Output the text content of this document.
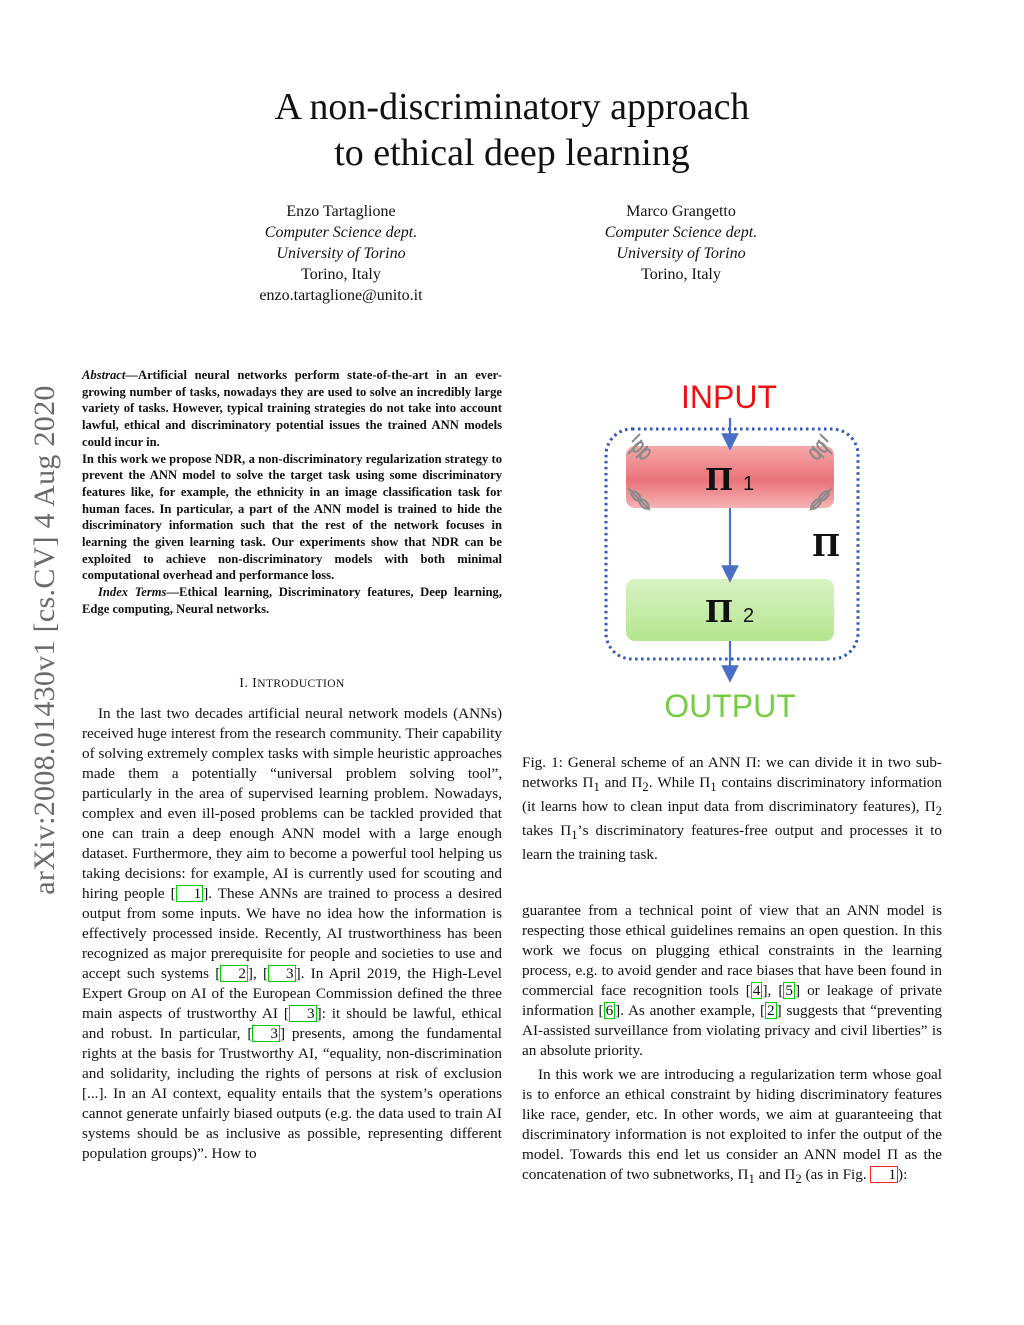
arXiv:2008.01430v1 [cs.CV] 4 Aug 2020
A non-discriminatory approach
to ethical deep learning
Enzo Tartaglione
Computer Science dept.
University of Torino
Torino, Italy
enzo.tartaglione@unito.it
Marco Grangetto
Computer Science dept.
University of Torino
Torino, Italy

Abstract—Artificial neural networks perform state-of-the-art in an ever-growing number of tasks, nowadays they are used to solve an incredibly large variety of tasks. However, typical training strategies do not take into account lawful, ethical and discriminatory potential issues the trained ANN models could incur in.

In this work we propose NDR, a non-discriminatory regularization strategy to prevent the ANN model to solve the target task using some discriminatory features like, for example, the ethnicity in an image classification task for human faces. In particular, a part of the ANN model is trained to hide the discriminatory information such that the rest of the network focuses in learning the given learning task. Our experiments show that NDR can be exploited to achieve non-discriminatory models with both minimal computational overhead and performance loss.

Index Terms—Ethical learning, Discriminatory features, Deep learning, Edge computing, Neural networks.

I. INTRODUCTION

In the last two decades artificial neural network models (ANNs) received huge interest from the research community. Their capability of solving extremely complex tasks with simple heuristic approaches made them a potentially “universal problem solving tool”, particularly in the area of supervised learning problem. Nowadays, complex and even ill-posed problems can be tackled provided that one can train a deep enough ANN model with a large enough dataset. Furthermore, they aim to become a powerful tool helping us taking decisions: for example, AI is currently used for scouting and hiring people [ 1 ]. These ANNs are trained to process a desired output from some inputs. We have no idea how the information is effectively processed inside. Recently, AI trustworthiness has been recognized as major prerequisite for people and societies to use and accept such systems [ 2 ], [ 3 ]. In April 2019, the High-Level Expert Group on AI of the European Commission defined the three main aspects of trustworthy AI [ 3 ]: it should be lawful, ethical and robust. In particular, [ 3 ] presents, among the fundamental rights at the basis for Trustworthy AI, “equality, non-discrimination and solidarity, including the rights of persons at risk of exclusion [...]. In an AI context, equality entails that the system’s operations cannot generate unfairly biased outputs (e.g. the data used to train AI systems should be as inclusive as possible, representing different population groups)”. How to

INPUT
Π 1
Π 2
Π
OUTPUT
Fig. 1: General scheme of an ANN Π: we can divide it in two sub-networks $\Pi_1$ and $\Pi_2$. While $\Pi_1$ contains discriminatory information (it learns how to clean input data from discriminatory features), $\Pi_2$ takes $\Pi_1’s$ discriminatory features-free output and processes it to learn the training task.

guarantee from a technical point of view that an ANN model is respecting those ethical guidelines remains an open question. In this work we focus on plugging ethical constraints in the learning process, e.g. to avoid gender and race biases that have been found in commercial face recognition tools [ 4 ], [ 5 ] or leakage of private information [ 6 ]. As another example, [ 2 ] suggests that “preventing AI-assisted surveillance from violating privacy and civil liberties” is an absolute priority.

In this work we are introducing a regularization term whose goal is to enforce an ethical constraint by hiding discriminatory features like race, gender, etc. In other words, we aim at guaranteeing that discriminatory information is not exploited to infer the output of the model. Towards this end let us consider an ANN model Π as the concatenation of two subnetworks, $\Pi_1$ and $\Pi_2$ (as in Fig. 1 ):
